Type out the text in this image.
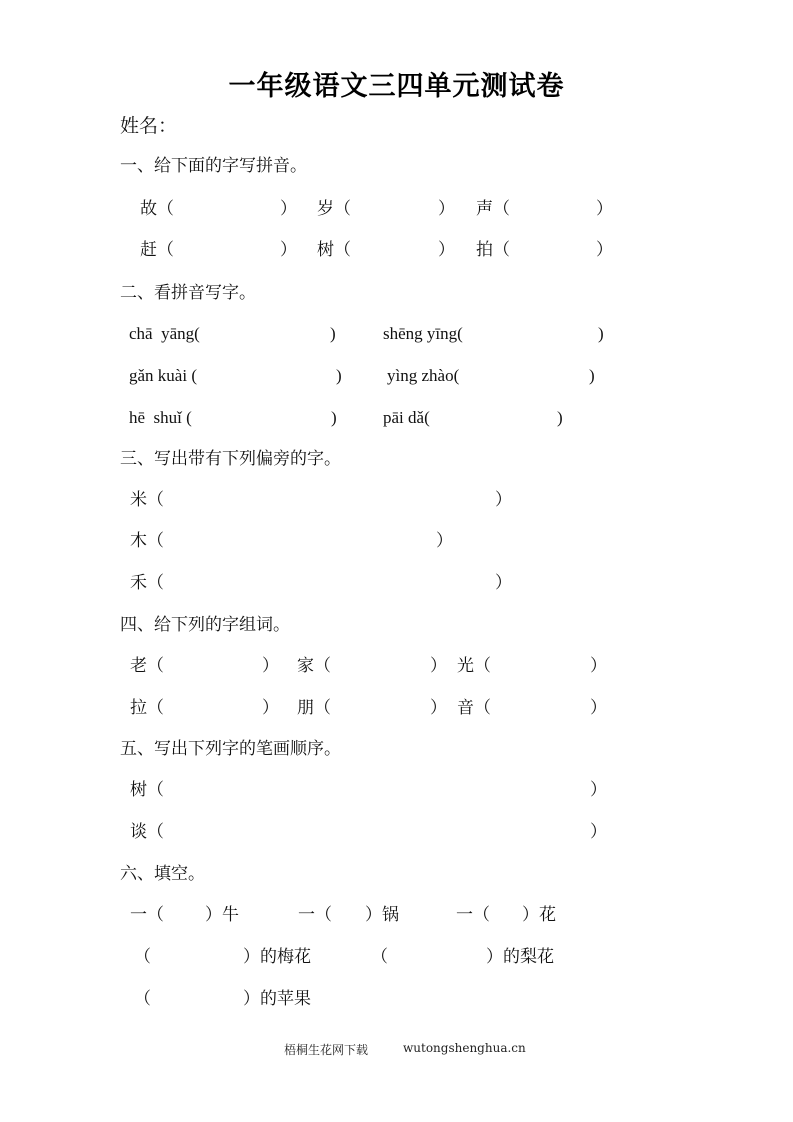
一年级语文三四单元测试卷
姓名：
一、给下面的字写拼音。
故（	） 岁（	） 声（	）
赶（	） 树（	） 拍（	）
二、看拼音写字。
chā  yāng(	)	shēng yīng(	)
gǎn kuài (	)	yìng zhào(	)
hē  shuǐ (	)	pāi dǎ(	)
三、写出带有下列偏旁的字。
米（	）
木（	）
禾（	）
四、给下列的字组词。
老（	） 家（	） 光（	）
拉（	） 朋（	） 音（	）
五、写出下列字的笔画顺序。
树（	）
谈（	）
六、填空。
一（ ）牛	一（ ）锅	一（ ）花
（	）的梅花	（	）的梨花
（	）的苹果
梧桐生花网下载	wutongshenghua.cn
